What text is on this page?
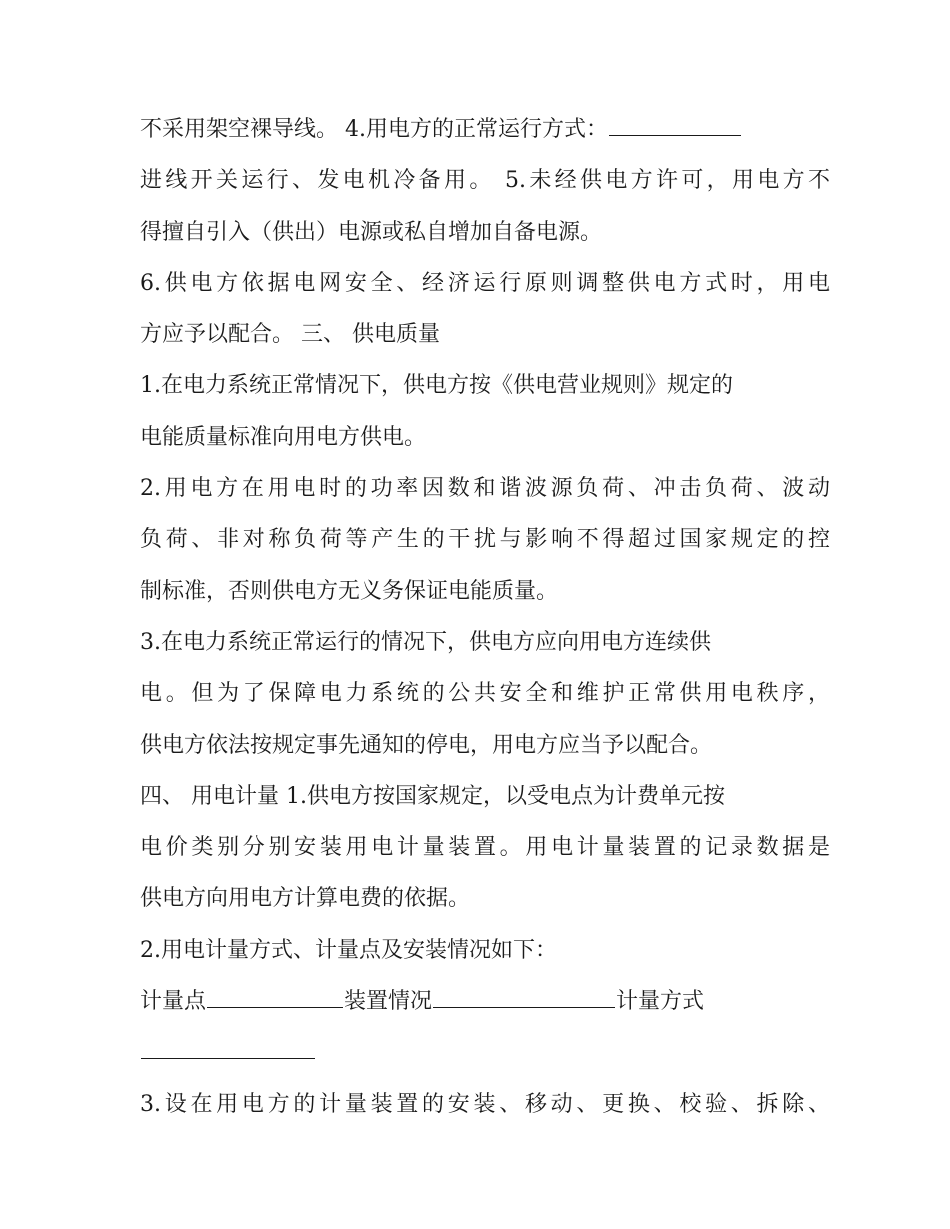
不采用架空裸导线。 4.用电方的正常运行方式：
进线开关运行、发电机冷备用。 5.未经供电方许可，用电方不
得擅自引入（供出）电源或私自增加自备电源。
6.供电方依据电网安全、经济运行原则调整供电方式时，用电
方应予以配合。 三、 供电质量
1.在电力系统正常情况下，供电方按《供电营业规则》规定的
电能质量标准向用电方供电。
2.用电方在用电时的功率因数和谐波源负荷、冲击负荷、波动
负荷、非对称负荷等产生的干扰与影响不得超过国家规定的控
制标准，否则供电方无义务保证电能质量。
3.在电力系统正常运行的情况下，供电方应向用电方连续供
电。但为了保障电力系统的公共安全和维护正常供用电秩序，
供电方依法按规定事先通知的停电，用电方应当予以配合。
四、 用电计量 1.供电方按国家规定，以受电点为计费单元按
电价类别分别安装用电计量装置。用电计量装置的记录数据是
供电方向用电方计算电费的依据。
2.用电计量方式、计量点及安装情况如下：
计量点	装置情况	计量方式
3.设在用电方的计量装置的安装、移动、更换、校验、拆除、
